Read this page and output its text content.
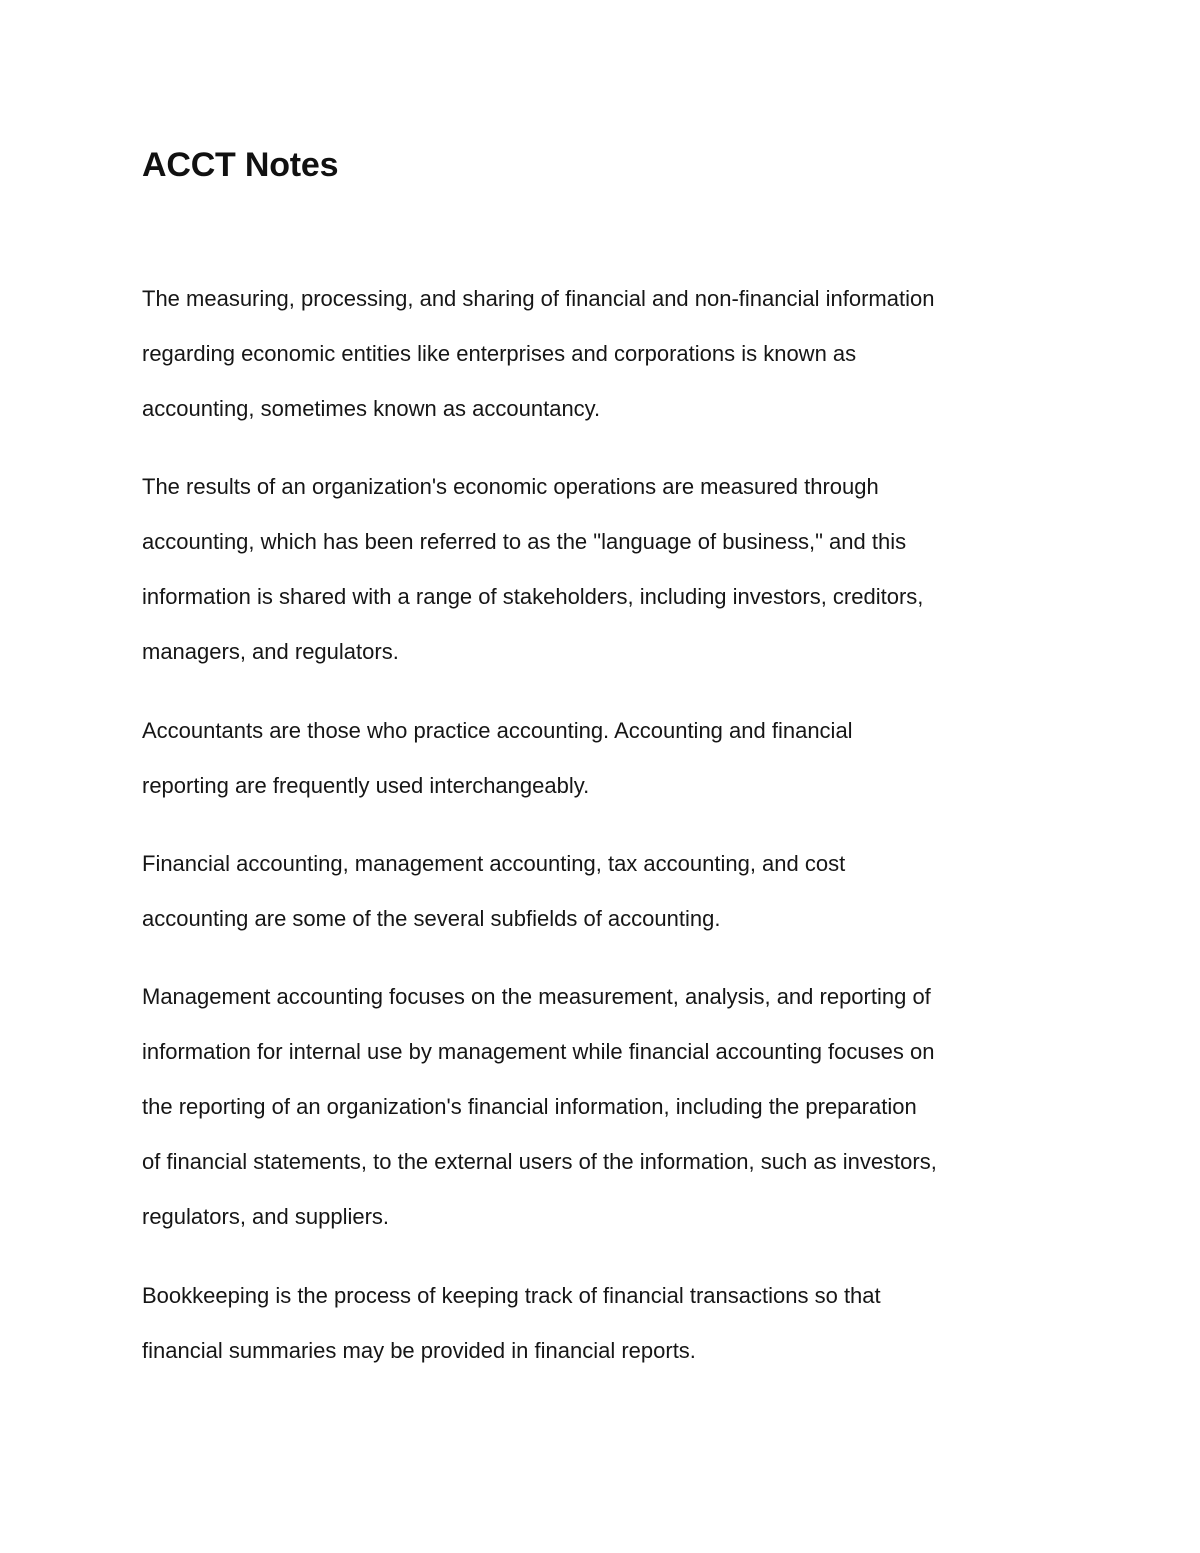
ACCT Notes

The measuring, processing, and sharing of financial and non-financial information
regarding economic entities like enterprises and corporations is known as
accounting, sometimes known as accountancy.

The results of an organization's economic operations are measured through
accounting, which has been referred to as the "language of business," and this
information is shared with a range of stakeholders, including investors, creditors,
managers, and regulators.

Accountants are those who practice accounting. Accounting and financial
reporting are frequently used interchangeably.

Financial accounting, management accounting, tax accounting, and cost
accounting are some of the several subfields of accounting.

Management accounting focuses on the measurement, analysis, and reporting of
information for internal use by management while financial accounting focuses on
the reporting of an organization's financial information, including the preparation
of financial statements, to the external users of the information, such as investors,
regulators, and suppliers.

Bookkeeping is the process of keeping track of financial transactions so that
financial summaries may be provided in financial reports.
